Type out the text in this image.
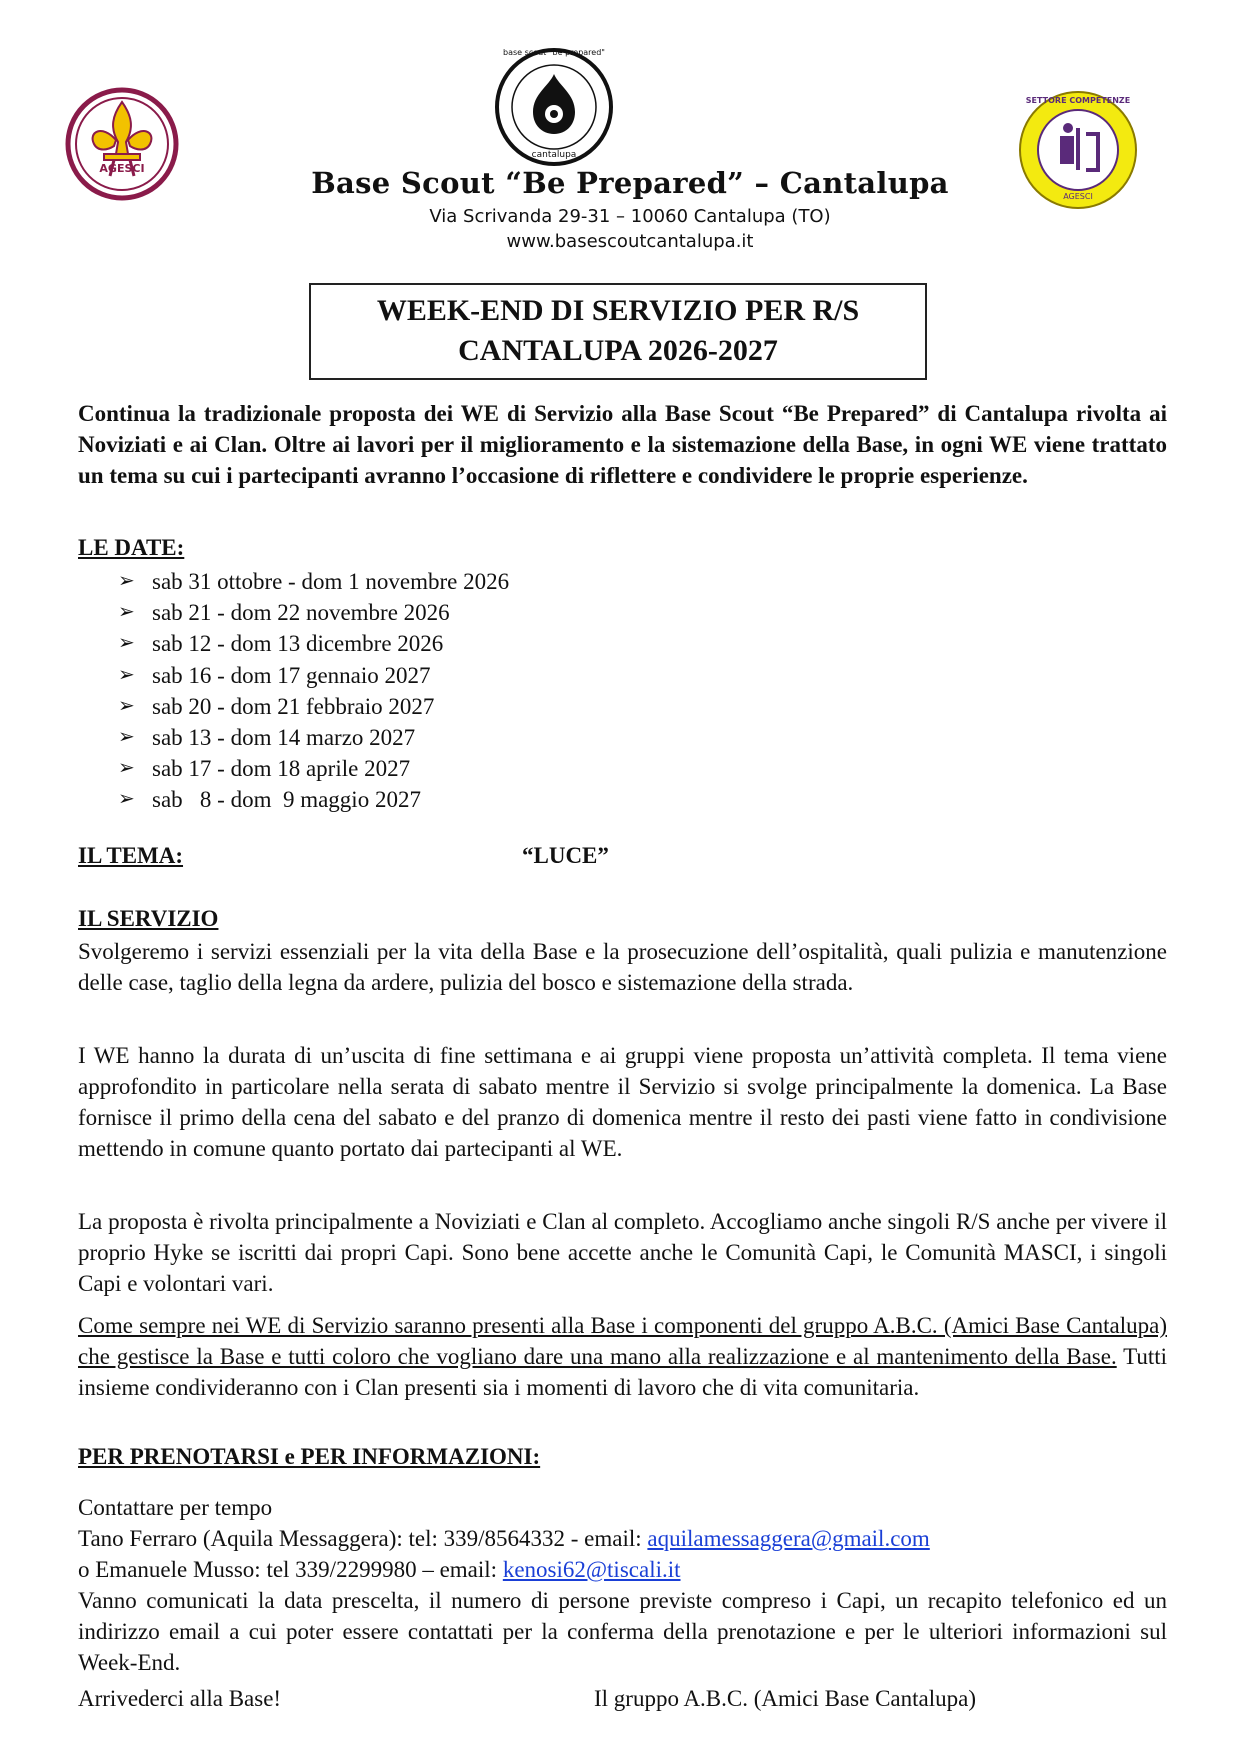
AGESCI
base scout "be prepared"
cantalupa
SETTORE COMPETENZE
AGESCI
Base Scout “Be Prepared” – Cantalupa
Via Scrivanda 29-31 – 10060 Cantalupa (TO)
www.basescoutcantalupa.it
WEEK-END DI SERVIZIO PER R/S
CANTALUPA 2026-2027
Continua la tradizionale proposta dei WE di Servizio alla Base Scout “Be Prepared” di Cantalupa rivolta ai Noviziati e ai Clan. Oltre ai lavori per il miglioramento e la sistemazione della Base, in ogni WE viene trattato un tema su cui i partecipanti avranno l’occasione di riflettere e condividere le proprie esperienze.
LE DATE:
➢ sab 31 ottobre - dom 1 novembre 2026
➢ sab 21 - dom 22 novembre 2026
➢ sab 12 - dom 13 dicembre 2026
➢ sab 16 - dom 17 gennaio 2027
➢ sab 20 - dom 21 febbraio 2027
➢ sab 13 - dom 14 marzo 2027
➢ sab 17 - dom 18 aprile 2027
➢ sab   8 - dom  9 maggio 2027
IL TEMA:	“LUCE”
IL SERVIZIO
Svolgeremo i servizi essenziali per la vita della Base e la prosecuzione dell’ospitalità, quali pulizia e manutenzione delle case, taglio della legna da ardere, pulizia del bosco e sistemazione della strada.
I WE hanno la durata di un’uscita di fine settimana e ai gruppi viene proposta un’attività completa. Il tema viene approfondito in particolare nella serata di sabato mentre il Servizio si svolge principalmente la domenica. La Base fornisce il primo della cena del sabato e del pranzo di domenica mentre il resto dei pasti viene fatto in condivisione mettendo in comune quanto portato dai partecipanti al WE.
La proposta è rivolta principalmente a Noviziati e Clan al completo. Accogliamo anche singoli R/S anche per vivere il proprio Hyke se iscritti dai propri Capi. Sono bene accette anche le Comunità Capi, le Comunità MASCI, i singoli Capi e volontari vari.
Come sempre nei WE di Servizio saranno presenti alla Base i componenti del gruppo A.B.C. (Amici Base Cantalupa) che gestisce la Base e tutti coloro che vogliano dare una mano alla realizzazione e al mantenimento della Base. Tutti insieme condivideranno con i Clan presenti sia i momenti di lavoro che di vita comunitaria.
PER PRENOTARSI e PER INFORMAZIONI:
Contattare per tempo
Tano Ferraro (Aquila Messaggera): tel: 339/8564332 - email: aquilamessaggera@gmail.com
o Emanuele Musso: tel 339/2299980 – email: kenosi62@tiscali.it
Vanno comunicati la data prescelta, il numero di persone previste compreso i Capi, un recapito telefonico ed un indirizzo email a cui poter essere contattati per la conferma della prenotazione e per le ulteriori informazioni sul Week-End.
Arrivederci alla Base!	Il gruppo A.B.C. (Amici Base Cantalupa)
